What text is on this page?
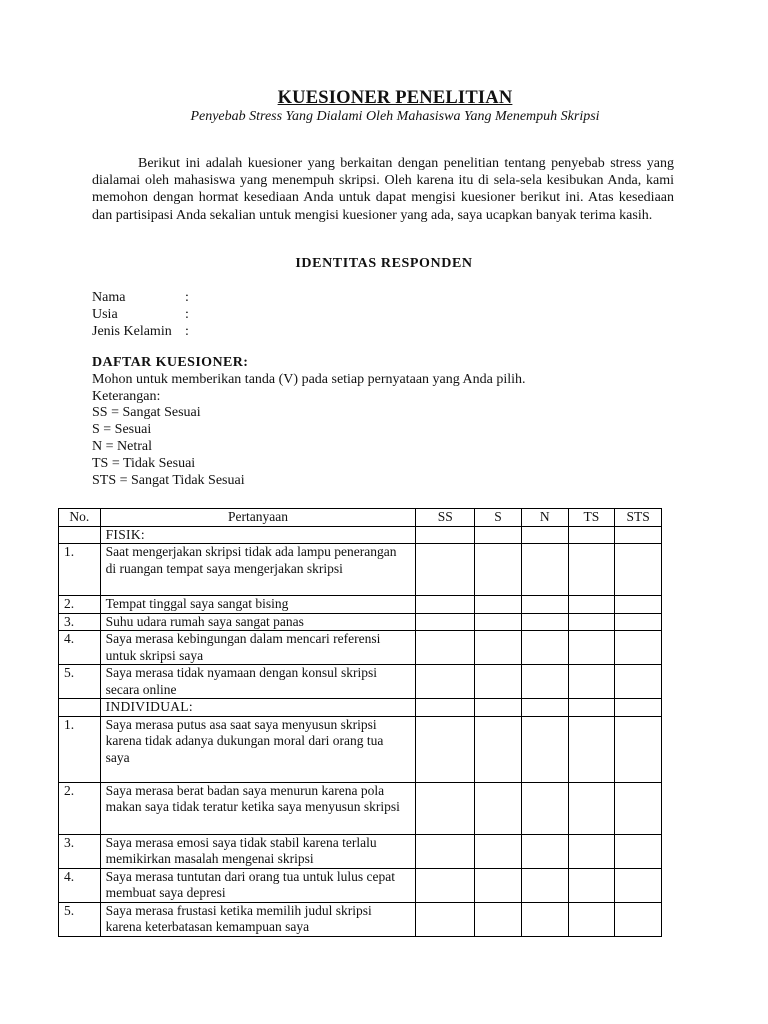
KUESIONER PENELITIAN
Penyebab Stress Yang Dialami Oleh Mahasiswa Yang Menempuh Skripsi
Berikut ini adalah kuesioner yang berkaitan dengan penelitian tentang penyebab stress yang dialamai oleh mahasiswa yang menempuh skripsi. Oleh karena itu di sela-sela kesibukan Anda, kami memohon dengan hormat kesediaan Anda untuk dapat mengisi kuesioner berikut ini. Atas kesediaan dan partisipasi Anda sekalian untuk mengisi kuesioner yang ada, saya ucapkan banyak terima kasih.
IDENTITAS RESPONDEN
Nama	:
Usia	:
Jenis Kelamin :
DAFTAR KUESIONER:
Mohon untuk memberikan tanda (V) pada setiap pernyataan yang Anda pilih.
Keterangan:
SS = Sangat Sesuai
S = Sesuai
N = Netral
TS = Tidak Sesuai
STS = Sangat Tidak Sesuai
No.	Pertanyaan	SS	S	N	TS	STS
	FISIK:					
1.	Saat mengerjakan skripsi tidak ada lampu penerangan di ruangan tempat saya mengerjakan skripsi					
2.	Tempat tinggal saya sangat bising					
3.	Suhu udara rumah saya sangat panas					
4.	Saya merasa kebingungan dalam mencari referensi untuk skripsi saya					
5.	Saya merasa tidak nyamaan dengan konsul skripsi secara online					
	INDIVIDUAL:					
1.	Saya merasa putus asa saat saya menyusun skripsi karena tidak adanya dukungan moral dari orang tua saya					
2.	Saya merasa berat badan saya menurun karena pola makan saya tidak teratur ketika saya menyusun skripsi					
3.	Saya merasa emosi saya tidak stabil karena terlalu memikirkan masalah mengenai skripsi					
4.	Saya merasa tuntutan dari orang tua untuk lulus cepat membuat saya depresi					
5.	Saya merasa frustasi ketika memilih judul skripsi karena keterbatasan kemampuan saya					
